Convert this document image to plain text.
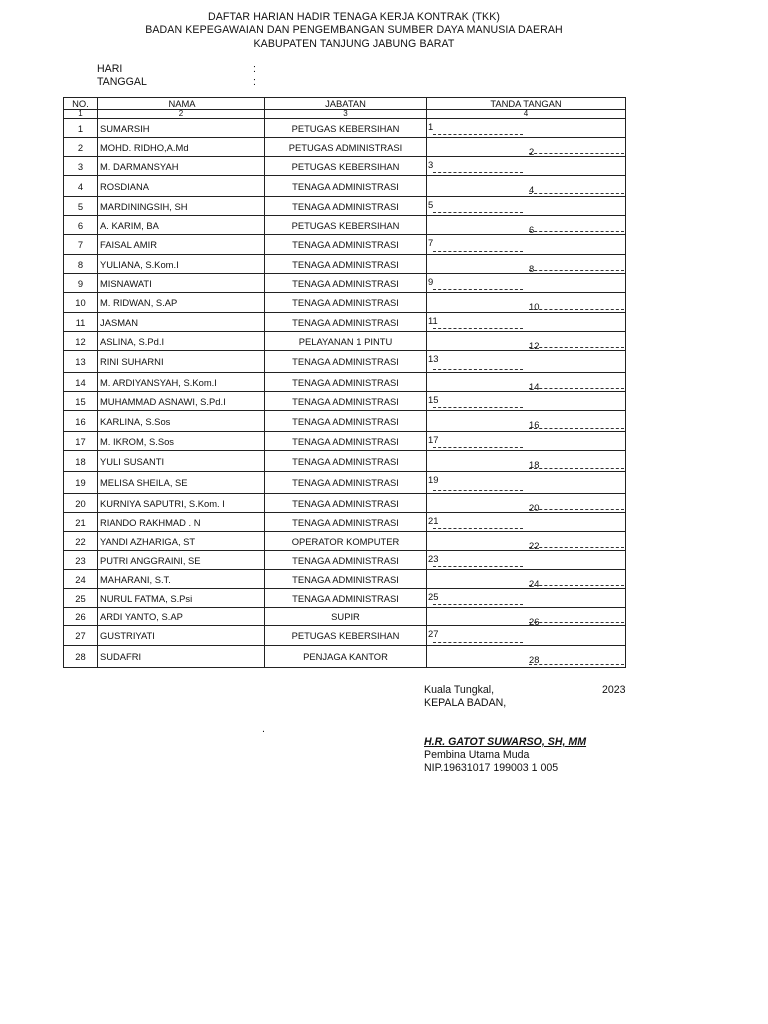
DAFTAR HARIAN HADIR TENAGA KERJA KONTRAK (TKK)
BADAN KEPEGAWAIAN DAN PENGEMBANGAN SUMBER DAYA MANUSIA DAERAH
KABUPATEN TANJUNG JABUNG BARAT
HARI	:
TANGGAL	:
NO.	NAMA	JABATAN	TANDA TANGAN
1	2	3	4
1	SUMARSIH	PETUGAS KEBERSIHAN	1

2	MOHD. RIDHO,A.Md	PETUGAS ADMINISTRASI	2

3	M. DARMANSYAH	PETUGAS KEBERSIHAN	3

4	ROSDIANA	TENAGA ADMINISTRASI	4

5	MARDININGSIH, SH	TENAGA ADMINISTRASI	5

6	A. KARIM, BA	PETUGAS KEBERSIHAN	6

7	FAISAL AMIR	TENAGA ADMINISTRASI	7

8	YULIANA, S.Kom.I	TENAGA ADMINISTRASI	8

9	MISNAWATI	TENAGA ADMINISTRASI	9

10	M. RIDWAN, S.AP	TENAGA ADMINISTRASI	10

11	JASMAN	TENAGA ADMINISTRASI	11

12	ASLINA, S.Pd.I	PELAYANAN 1 PINTU	12

13	RINI SUHARNI	TENAGA ADMINISTRASI	13

14	M. ARDIYANSYAH, S.Kom.I	TENAGA ADMINISTRASI	14

15	MUHAMMAD ASNAWI, S.Pd.I	TENAGA ADMINISTRASI	15

16	KARLINA, S.Sos	TENAGA ADMINISTRASI	16

17	M. IKROM, S.Sos	TENAGA ADMINISTRASI	17

18	YULI SUSANTI	TENAGA ADMINISTRASI	18

19	MELISA SHEILA, SE	TENAGA ADMINISTRASI	19

20	KURNIYA SAPUTRI, S.Kom. I	TENAGA ADMINISTRASI	20

21	RIANDO RAKHMAD . N	TENAGA ADMINISTRASI	21

22	YANDI AZHARIGA, ST	OPERATOR KOMPUTER	22

23	PUTRI ANGGRAINI, SE	TENAGA ADMINISTRASI	23

24	MAHARANI, S.T.	TENAGA ADMINISTRASI	24

25	NURUL FATMA, S.Psi	TENAGA ADMINISTRASI	25

26	ARDI YANTO, S.AP	SUPIR	26

27	GUSTRIYATI	PETUGAS KEBERSIHAN	27

28	SUDAFRI	PENJAGA KANTOR	28
Kuala Tungkal,	2023
KEPALA BADAN,
.
H.R. GATOT SUWARSO, SH, MM
Pembina Utama Muda
NIP.19631017 199003 1 005
